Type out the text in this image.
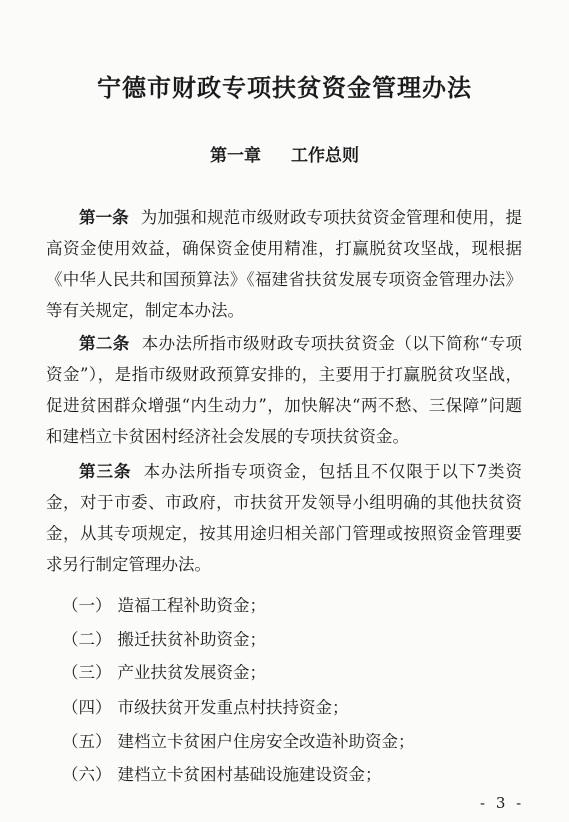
宁德市财政专项扶贫资金管理办法
第一章 工作总则

第一条 为加强和规范市级财政专项扶贫资金管理和使用，提高资金使用效益，确保资金使用精准，打赢脱贫攻坚战，现根据《中华人民共和国预算法》《福建省扶贫发展专项资金管理办法》等有关规定，制定本办法。

第二条 本办法所指市级财政专项扶贫资金（以下简称“专项资金”），是指市级财政预算安排的，主要用于打赢脱贫攻坚战，促进贫困群众增强“内生动力”，加快解决“两不愁、三保障”问题和建档立卡贫困村经济社会发展的专项扶贫资金。

第三条 本办法所指专项资金，包括且不仅限于以下7类资金，对于市委、市政府，市扶贫开发领导小组明确的其他扶贫资金，从其专项规定，按其用途归相关部门管理或按照资金管理要求另行制定管理办法。

（一） 造福工程补助资金；
（二） 搬迁扶贫补助资金；
（三） 产业扶贫发展资金；
（四） 市级扶贫开发重点村扶持资金；
（五） 建档立卡贫困户住房安全改造补助资金；
（六） 建档立卡贫困村基础设施建设资金；
- 3 -
